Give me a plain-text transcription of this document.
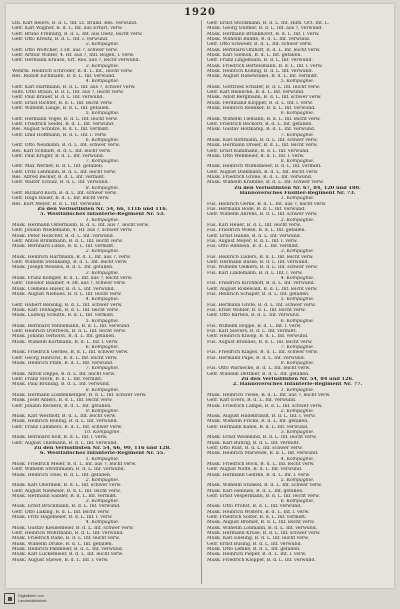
1920
Ltn. Karl Beiers, B. d. L. Inf. Lt. Brand. Res. verwund.
Gefr. Karl Wagner, B. d. L. Inf. aus Erfurt, verw.
Gefr. Bruno Freiburg, B. d. L. Inf. aus Dietz, leicht verw.
Gefr. Otto Kreutz, B. d. L. Inf. l. verwund.
3. Kompagnie.
Gefr. Otto Wöltcher, 3 Hf. aus ?, schwer verw.
Gefr. Arthur Winter, 4. Hf. aus ?, Infl. Bogen, l. verw.
Gefr. Hermann Krause, Erf. Res. aus ?, leicht verwund.
3. Kompagnie.
Wehrm. Heinrich Schröder, B. d. L. Inf., leicht verw.
Res. Rudolf Eichmann, B. d. L. Inf. verwund.
4. Kompagnie.
Gefr. Karl Hartmann, B. d. L. Inf. aus ?, schwer verw.
Hilfs. Otto Braun, B. d. L. Inf. aus ?, leicht verw.
Gefr. Paul Brauer, B. d. L. Inf. verwund.
Gefr. Ernst Richter, B. d. L. Inf. leicht verw.
Gefr. Wilhelm Lange, B. d. L. Inf. gefallen.
5. Kompagnie.
Gefr. Hermann Vogel, B. d. L. Inf. leicht verw.
Gefr. Friedrich Seidel, B. d. L. Inf. verwund.
Res. August Schulze, B. d. L. Inf. vermißt.
Gefr. Emil Hoffmann, B. d. L. Inf. l. verw.
6. Kompagnie.
Gefr. Otto Neumann, B. d. L. Inf. schwer verw.
Res. Karl Schmidt, B. d. L. Inf. leicht verw.
Gefr. Paul Krüger, B. d. L. Inf. verwund.
7. Kompagnie.
Gefr. Max Werner, B. d. L. Inf. gefallen.
Gefr. Fritz Lehmann, B. d. L. Inf. leicht verw.
Res. Alfred Becker, B. d. L. Inf. vermißt.
Gefr. Walter Schulz, B. d. L. Inf. verwund.
8. Kompagnie.
Gefr. Richard Koch, B. d. L. Inf. schwer verw.
Gefr. Hugo Bauer, B. d. L. Inf. leicht verw.
Res. Kurt Meyer, B. d. L. Inf. verwund.
Zu den Verlustlisten Nr. 54, 66, 111b und 116.
5. Westfälisches Infanterie-Regiment Nr. 53.
1. Kompagnie.
Musk. Hermann Ostermann, B. d. L. Inf. aus ?, leicht verw.
Gefr. Johann Wiedemann, 4. Hf. aus ?, schwer verw.
Musk. Peter Hölscher, B. d. L. Inf. verwund.
Gefr. Anton Brinkmann, B. d. L. Inf. leicht verw.
Musk. Bernhard Lütke, B. d. L. Inf. vermißt.
2. Kompagnie.
Musk. Heinrich Hartmann, B. d. L. Inf. aus ?, verw.
Gefr. Wilhelm Steinkamp, B. d. L. Inf. leicht verw.
Musk. Joseph Wessels, B. d. L. Inf. gefallen.
3. Kompagnie.
Musk. Franz Kemper, B. d. L. Inf. aus ?, leicht verw.
Gefr. Theodor Bäumer, 4. Hf. aus ?, schwer verw.
Musk. Clemens Hüser, B. d. L. Inf. verwund.
Musk. August Niehues, B. d. L. Inf. leicht verw.
4. Kompagnie.
Gefr. Hubert Rensing, B. d. L. Inf. schwer verw.
Musk. Karl Tenhagen, B. d. L. Inf. leicht verw.
Musk. Ludwig Schütte, B. d. L. Inf. vermißt.
5. Kompagnie.
Musk. Bernhard Vennemann, B. d. L. Inf. verwund.
Gefr. Heinrich Overbeck, B. d. L. Inf. leicht verw.
Musk. Johann Terhorst, B. d. L. Inf. gefallen.
Musk. Wilhelm Kortmann, B. d. L. Inf. l. verw.
6. Kompagnie.
Musk. Friedrich Gerdes, B. d. L. Inf. schwer verw.
Gefr. Georg Hinrichs, B. d. L. Inf. leicht verw.
Musk. Heinrich Plate, B. d. L. Inf. verwund.
7. Kompagnie.
Musk. Anton Deppe, B. d. L. Inf. leicht verw.
Gefr. Franz Stork, B. d. L. Inf. vermißt.
Musk. Paul Brüning, B. d. L. Inf. verwund.
8. Kompagnie.
Musk. Hermann Loddenkemper, B. d. L. Inf. schwer verw.
Musk. Josef Ahlers, B. d. L. Inf. leicht verw.
Gefr. Johann Reckers, B. d. L. Inf. gefallen.
9. Kompagnie.
Musk. Karl Westhoff, B. d. L. Inf. leicht verw.
Musk. Heinrich Bölling, B. d. L. Inf. verwund.
Gefr. Franz Lammers, B. d. L. Inf. schwer verw.
10. Kompagnie.
Musk. Bernhard Rolf, B. d. L. Inf. l. verw.
Gefr. August Thiemann, B. d. L. Inf. verwund.
Zu den Verlustlisten Nr. 54, 66, 90, 116 und 128.
6. Westfälisches Infanterie-Regiment Nr. 55.
1. Kompagnie.
Musk. Friedrich Meier, B. d. L. Inf. aus ?, leicht verw.
Gefr. Wilhelm Strothmann, B. d. L. Inf. verwund.
Musk. Heinrich Tölle, B. d. L. Inf. gefallen.
2. Kompagnie.
Musk. Karl Oberdiek, B. d. L. Inf. schwer verw.
Gefr. August Niemeier, B. d. L. Inf. leicht verw.
Musk. Hermann Sander, B. d. L. Inf. vermißt.
3. Kompagnie.
Musk. Ernst Brockmann, B. d. L. Inf. verwund.
Gefr. Otto Lüking, B. d. L. Inf. leicht verw.
Musk. Fritz Hagemeier, B. d. L. Inf. l. verw.
4. Kompagnie.
Musk. Gustav Kleinemeier, B. d. L. Inf. schwer verw.
Gefr. Heinrich Wöhrmann, B. d. L. Inf. verwund.
Musk. Friedrich Rahe, B. d. L. Inf. leicht verw.
Musk. Wilhelm Drüke, B. d. L. Inf. gefallen.
Musk. Heinrich Pahmeier, B. d. L. Inf. verwund.
Musk. Karl Lückemeier, B. d. L. Inf. leicht verw.
Musk. August Stiewe, B. d. L. Inf. l. verw.
Gefr. Ernst Stöckmann, B. d. L. Inf. Hilfs. Oct. Inf. L.
Musk. Georg Vollmer, B. d. L. Inf. aus ?, verwund.
Musk. Hermann Brunkhorst, B. d. L. Inf. l. verw.
Musk. Wilhelm Budde, B. d. L. Inf. verwund.
Gefr. Otto Schweer, B. d. L. Inf. schwer verw.
Musk. Bernhard Ohlhoff, B. d. L. Inf. leicht verw.
Musk. Karl Siemon, B. d. L. Inf. gefallen.
Gefr. Franz Lingemann, B. d. L. Inf. verwund.
Musk. Friedrich Bertelsmann, B. d. L. Inf. l. verw.
Musk. Heinrich Kölling, B. d. L. Inf. verwund.
Musk. August Hanewinkel, B. d. L. Inf. vermißt.
5. Kompagnie.
Musk. Gottfried Schäfer, B. d. L. Inf. leicht verw.
Gefr. Karl Reinecke, B. d. L. Inf. verwund.
Musk. Adolf Bergmann, B. d. L. Inf. schwer verw.
Musk. Ferdinand Klöpper, B. d. L. Inf. l. verw.
Musk. Heinrich Redeker, B. d. L. Inf. verwund.
6. Kompagnie.
Musk. Wilhelm Tiemann, B. d. L. Inf. leicht verw.
Gefr. Friedrich Beckord, B. d. L. Inf. gefallen.
Musk. Gustav Holtkamp, B. d. L. Inf. verwund.
7. Kompagnie.
Musk. Karl Rottmann, B. d. L. Inf. schwer verw.
Musk. Hermann Dreier, B. d. L. Inf. leicht verw.
Gefr. Ernst Kuhlmann, B. d. L. Inf. verwund.
Musk. Otto Wehmeier, B. d. L. Inf. l. verw.
8. Kompagnie.
Musk. Heinrich Wilmsmeier, B. d. L. Inf. vermißt.
Gefr. August Diekmann, B. d. L. Inf. leicht verw.
Musk. Friedrich Gröne, B. d. L. Inf. verwund.
Musk. Wilhelm Kramme, B. d. L. Inf. schwer verw.
Zu den Verlustlisten Nr. 67, 84, 120 und 180.
Hannoversches Füsilier-Regiment Nr. 73.
1. Kompagnie.
Füs. Heinrich Gerke, B. d. L. Inf. aus ?, leicht verw.
Füs. Hermann Bode, B. d. L. Inf. verwund.
Gefr. Wilhelm Ahrens, B. d. L. Inf. schwer verw.
2. Kompagnie.
Füs. Karl Heuer, B. d. L. Inf. leicht verw.
Füs. Friedrich Wiese, B. d. L. Inf. gefallen.
Gefr. Ernst Hanke, B. d. L. Inf. verwund.
Füs. August Meyer, B. d. L. Inf. l. verw.
Füs. Otto Rehbein, B. d. L. Inf. vermißt.
3. Kompagnie.
Füs. Heinrich Lüders, B. d. L. Inf. leicht verw.
Gefr. Hermann Busse, B. d. L. Inf. verwund.
Füs. Wilhelm Oelkers, B. d. L. Inf. schwer verw.
Füs. Karl Lindemann, B. d. L. Inf. l. verw.
4. Kompagnie.
Füs. Friedrich Kirchhoff, B. d. L. Inf. verwund.
Gefr. August Rodewald, B. d. L. Inf. leicht verw.
Füs. Heinrich Schaper, B. d. L. Inf. gefallen.
5. Kompagnie.
Füs. Hermann Grote, B. d. L. Inf. schwer verw.
Füs. Ernst Wöhler, B. d. L. Inf. leicht verw.
Gefr. Otto Bartels, B. d. L. Inf. verwund.
6. Kompagnie.
Füs. Wilhelm Hoppe, B. d. L. Inf. l. verw.
Füs. Karl Sievers, B. d. L. Inf. vermißt.
Gefr. Heinrich Knoop, B. d. L. Inf. verwund.
Füs. August Brandes, B. d. L. Inf. leicht verw.
7. Kompagnie.
Füs. Friedrich Klages, B. d. L. Inf. schwer verw.
Füs. Hermann Pape, B. d. L. Inf. verwund.
8. Kompagnie.
Füs. Otto Warnecke, B. d. L. Inf. leicht verw.
Gefr. Wilhelm Dettmer, B. d. L. Inf. gefallen.
Zu den Verlustlisten Nr. 54, 84 und 126.
2. Hannoversches Infanterie-Regiment Nr. 77.
1. Kompagnie.
Musk. Heinrich Twele, B. d. L. Inf. aus ?, leicht verw.
Gefr. Karl Evers, B. d. L. Inf. verwund.
Musk. Friedrich Lampe, B. d. L. Inf. schwer verw.
2. Kompagnie.
Musk. August Hildebrandt, B. d. L. Inf. l. verw.
Musk. Wilhelm Fricke, B. d. L. Inf. gefallen.
Gefr. Hermann Kahle, B. d. L. Inf. verwund.
3. Kompagnie.
Musk. Ernst Wedekind, B. d. L. Inf. leicht verw.
Musk. Karl Bührig, B. d. L. Inf. vermißt.
Gefr. Otto Rust, B. d. L. Inf. schwer verw.
Musk. Heinrich Marwede, B. d. L. Inf. verwund.
4. Kompagnie.
Musk. Friedrich Bock, B. d. L. Inf. leicht verw.
Gefr. August Nolte, B. d. L. Inf. verwund.
Musk. Hermann Gehrke, B. d. L. Inf. l. verw.
5. Kompagnie.
Musk. Wilhelm Stünkel, B. d. L. Inf. schwer verw.
Musk. Karl Hennies, B. d. L. Inf. gefallen.
Gefr. Ernst Vespermann, B. d. L. Inf. leicht verw.
6. Kompagnie.
Musk. Otto Probst, B. d. L. Inf. verwund.
Musk. Heinrich Wolters, B. d. L. Inf. l. verw.
Gefr. Friedrich Sölter, B. d. L. Inf. vermißt.
Musk. August Bremer, B. d. L. Inf. leicht verw.
Musk. Wilhelm Lohmann, B. d. L. Inf. verwund.
Musk. Hermann Kruse, B. d. L. Inf. schwer verw.
Musk. Karl Ebeling, B. d. L. Inf. leicht verw.
Gefr. Ernst Büsing, B. d. L. Inf. verwund.
Musk. Otto Lemke, B. d. L. Inf. gefallen.
Musk. Heinrich Pieper, B. d. L. Inf. l. verw.
Musk. Friedrich Klöpper, B. d. L. Inf. verwund.
Digitalisiert von
Landesbibliothek
